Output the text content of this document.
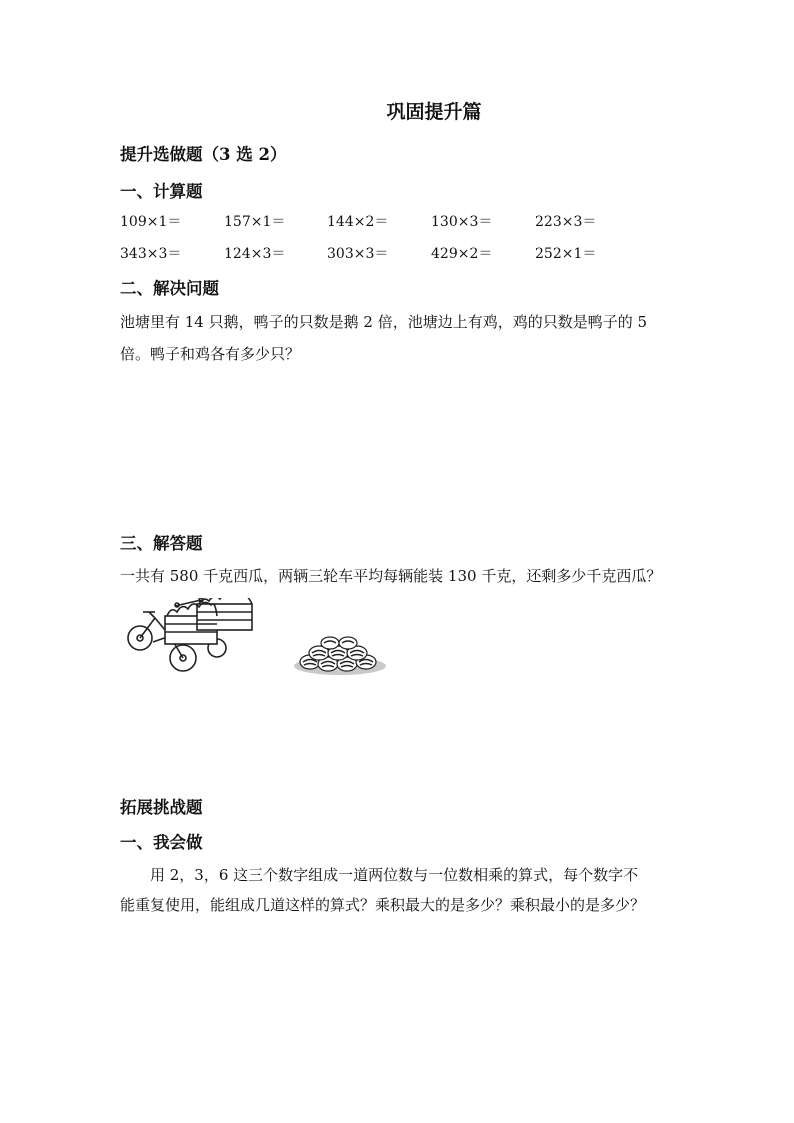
巩固提升篇
提升选做题（3 选 2）
一、计算题
109×1＝	157×1＝	144×2＝	130×3＝	223×3＝
343×3＝	124×3＝	303×3＝	429×2＝	252×1＝
二、解决问题
池塘里有 14 只鹅，鸭子的只数是鹅 2 倍，池塘边上有鸡，鸡的只数是鸭子的 5
倍。鸭子和鸡各有多少只？
三、解答题
一共有 580 千克西瓜，两辆三轮车平均每辆能装 130 千克，还剩多少千克西瓜？
拓展挑战题
一、我会做
用 2，3，6 这三个数字组成一道两位数与一位数相乘的算式，每个数字不
能重复使用，能组成几道这样的算式？乘积最大的是多少？乘积最小的是多少？
